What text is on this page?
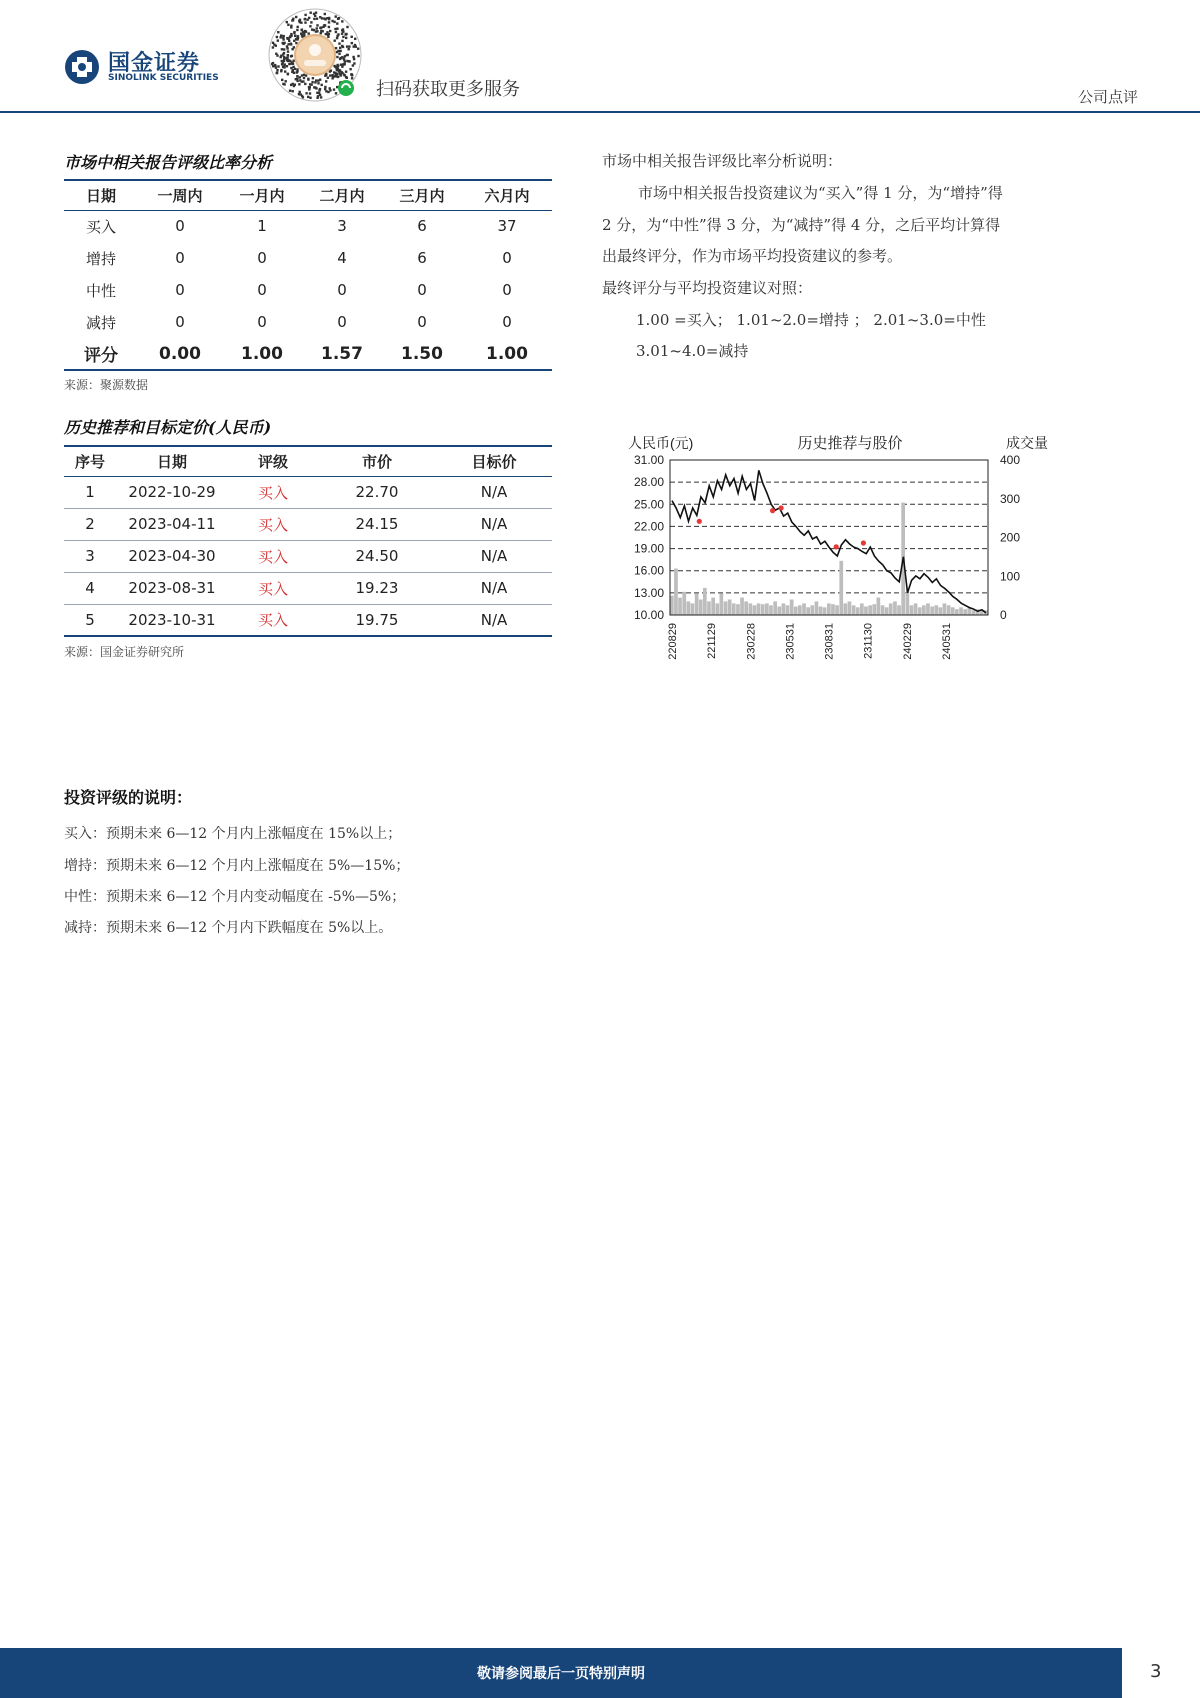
国金证券
SINOLINK SECURITIES
扫码获取更多服务	公司点评
市场中相关报告评级比率分析
日期	一周内	一月内	二月内	三月内	六月内
买入	0	1	3	6	37
增持	0	0	4	6	0
中性	0	0	0	0	0
减持	0	0	0	0	0
评分	0.00	1.00	1.57	1.50	1.00
来源：聚源数据
市场中相关报告评级比率分析说明：
市场中相关报告投资建议为“买入”得 1 分，为“增持”得
2 分，为“中性”得 3 分，为“减持”得 4 分，之后平均计算得
出最终评分，作为市场平均投资建议的参考。
最终评分与平均投资建议对照：
1.00 =买入； 1.01~2.0=增持 ； 2.01~3.0=中性
3.01~4.0=减持
历史推荐和目标定价(人民币)
序号	日期	评级	市价	目标价
1	2022-10-29	买入	22.70	N/A
2	2023-04-11	买入	24.15	N/A
3	2023-04-30	买入	24.50	N/A
4	2023-08-31	买入	19.23	N/A
5	2023-10-31	买入	19.75	N/A
来源：国金证券研究所
人民币(元)	历史推荐与股价	成交量
31.00
28.00
25.00
22.00
19.00
16.00
13.00
10.00
400
300
200
100
0
220829 221129 230228 230531 230831 231130 240229 240531
投资评级的说明：
买入：预期未来 6—12 个月内上涨幅度在 15%以上；
增持：预期未来 6—12 个月内上涨幅度在 5%—15%；
中性：预期未来 6—12 个月内变动幅度在 -5%—5%；
减持：预期未来 6—12 个月内下跌幅度在 5%以上。
敬请参阅最后一页特别声明	3
